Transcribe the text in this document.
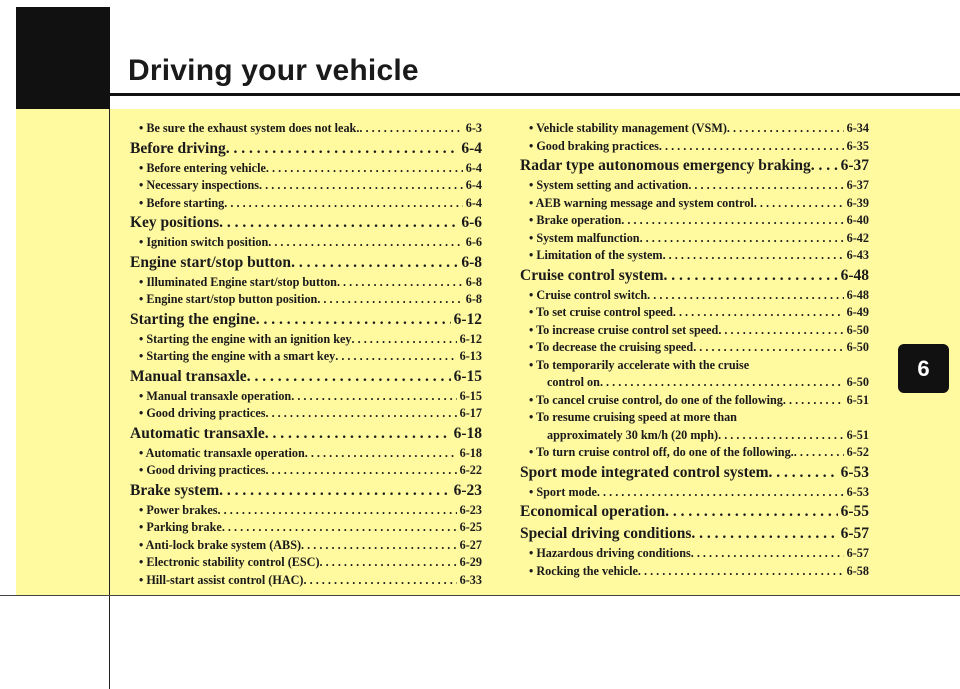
Driving your vehicle
6
• Be sure the exhaust system does not leak. . . .	6-3
Before driving . . .	6-4
• Before entering vehicle . . .	6-4
• Necessary inspections . . .	6-4
• Before starting . . .	6-4
Key positions . . .	6-6
• Ignition switch position . . .	6-6
Engine start/stop button . . .	6-8
• Illuminated Engine start/stop button . . .	6-8
• Engine start/stop button position . . .	6-8
Starting the engine . . .	6-12
• Starting the engine with an ignition key . . .	6-12
• Starting the engine with a smart key . . .	6-13
Manual transaxle . . .	6-15
• Manual transaxle operation . . .	6-15
• Good driving practices . . .	6-17
Automatic transaxle . . .	6-18
• Automatic transaxle operation . . .	6-18
• Good driving practices . . .	6-22
Brake system . . .	6-23
• Power brakes . . .	6-23
• Parking brake . . .	6-25
• Anti-lock brake system (ABS) . . .	6-27
• Electronic stability control (ESC) . . .	6-29
• Hill-start assist control (HAC) . . .	6-33
• Vehicle stability management (VSM) . . .	6-34
• Good braking practices . . .	6-35
Radar type autonomous emergency braking . . . 6-37
• System setting and activation . . .	6-37
• AEB warning message and system control . . .	6-39
• Brake operation . . .	6-40
• System malfunction . . .	6-42
• Limitation of the system . . .	6-43
Cruise control system . . .	6-48
• Cruise control switch . . .	6-48
• To set cruise control speed . . .	6-49
• To increase cruise control set speed . . .	6-50
• To decrease the cruising speed . . .	6-50
• To temporarily accelerate with the cruise
control on . . .	6-50
• To cancel cruise control, do one of the following . . .	6-51
• To resume cruising speed at more than
approximately 30 km/h (20 mph) . . .	6-51
• To turn cruise control off, do one of the following. . . .	6-52
Sport mode integrated control system . . .	6-53
• Sport mode . . .	6-53
Economical operation . . .	6-55
Special driving conditions . . .	6-57
• Hazardous driving conditions . . .	6-57
• Rocking the vehicle . . .	6-58
